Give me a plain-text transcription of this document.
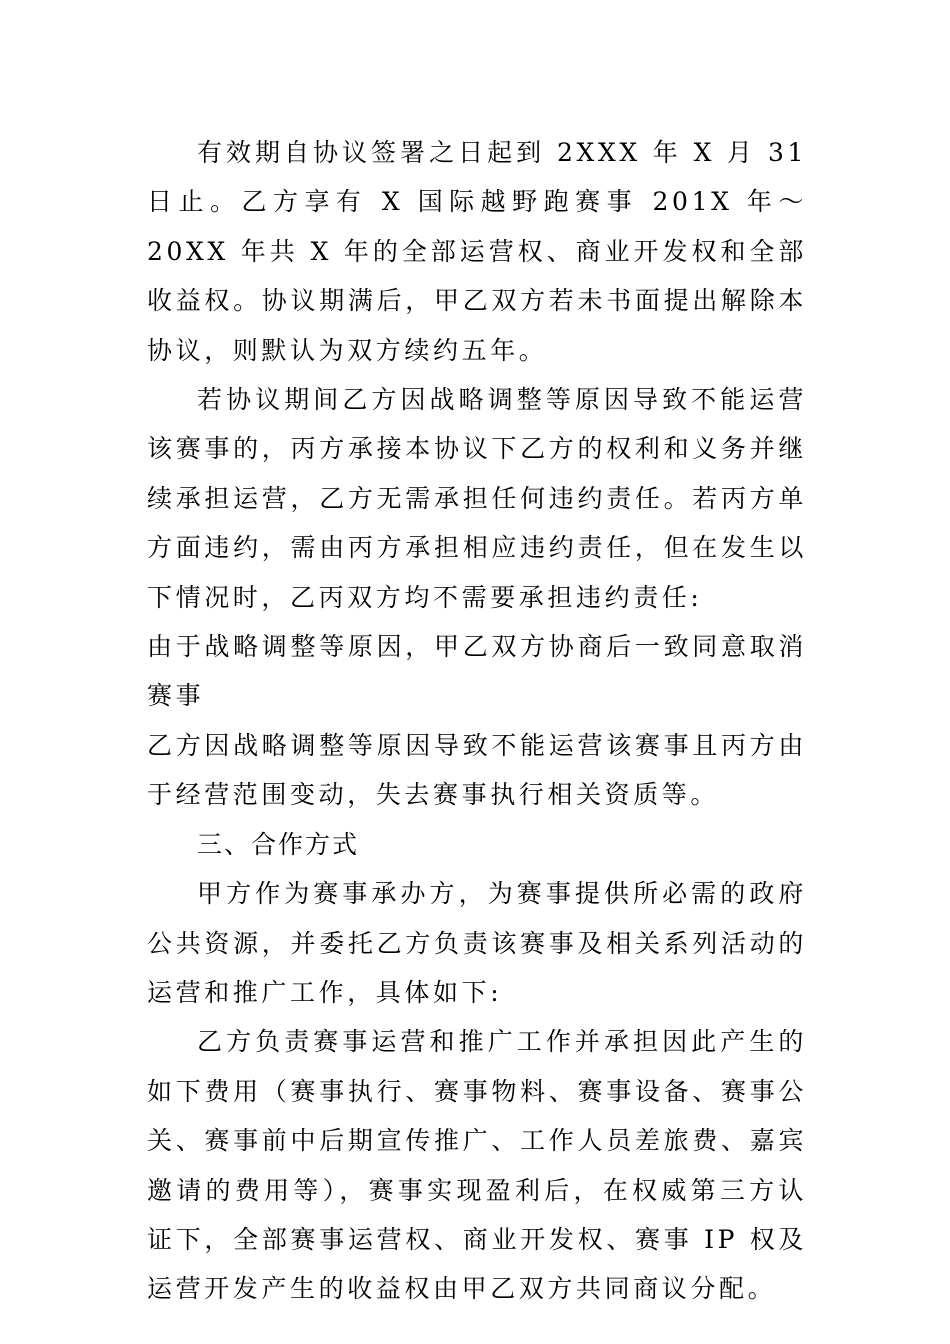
有效期自协议签署之日起到 2XXX 年 X 月 31 日止。乙方享有 X 国际越野跑赛事 201X 年～20XX 年共 X 年的全部运营权、商业开发权和全部收益权。协议期满后，甲乙双方若未书面提出解除本协议，则默认为双方续约五年。

若协议期间乙方因战略调整等原因导致不能运营该赛事的，丙方承接本协议下乙方的权利和义务并继续承担运营，乙方无需承担任何违约责任。若丙方单方面违约，需由丙方承担相应违约责任，但在发生以下情况时，乙丙双方均不需要承担违约责任:

由于战略调整等原因，甲乙双方协商后一致同意取消赛事

乙方因战略调整等原因导致不能运营该赛事且丙方由于经营范围变动，失去赛事执行相关资质等。

三、合作方式

甲方作为赛事承办方，为赛事提供所必需的政府公共资源，并委托乙方负责该赛事及相关系列活动的运营和推广工作，具体如下:

乙方负责赛事运营和推广工作并承担因此产生的如下费用（赛事执行、赛事物料、赛事设备、赛事公关、赛事前中后期宣传推广、工作人员差旅费、嘉宾邀请的费用等），赛事实现盈利后，在权威第三方认证下，全部赛事运营权、商业开发权、赛事 IP 权及运营开发产生的收益权由甲乙双方共同商议分配。
